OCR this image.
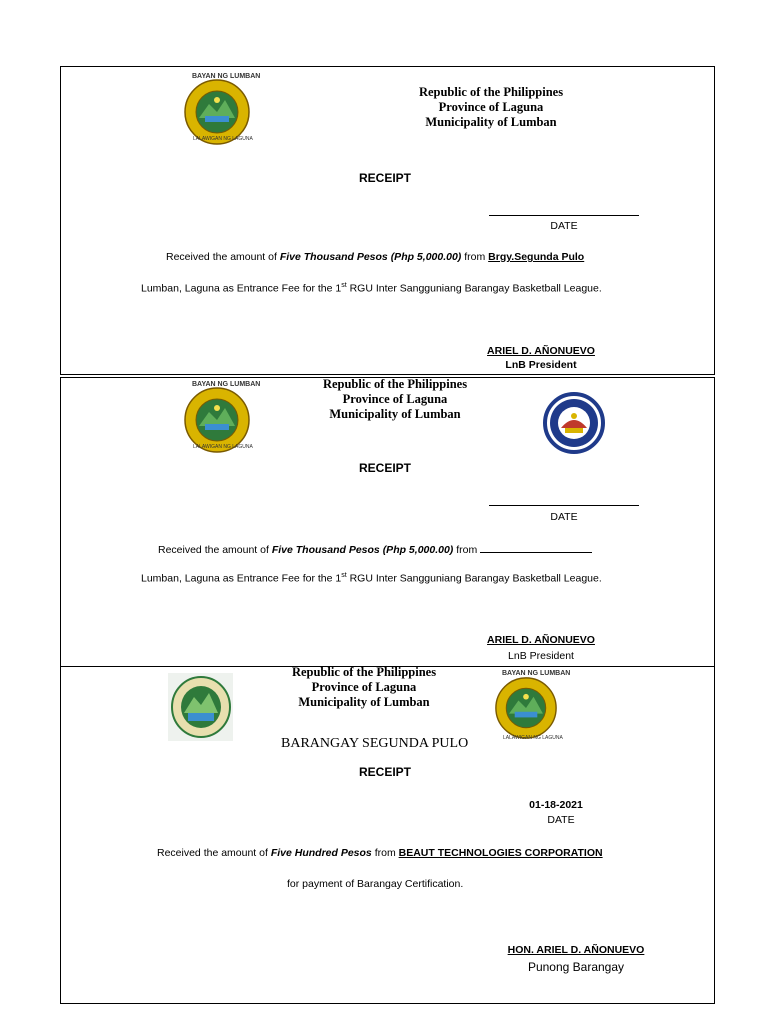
BAYAN NG LUMBAN
LALAWIGAN NG LAGUNA
Republic of the Philippines
Province of Laguna
Municipality of Lumban
RECEIPT
DATE
Received the amount of Five Thousand Pesos (Php 5,000.00) from Brgy.Segunda Pulo
Lumban, Laguna as Entrance Fee for the 1st RGU Inter Sangguniang Barangay Basketball League.
ARIEL D. AÑONUEVO
LnB President
BAYAN NG LUMBAN
LALAWIGAN NG LAGUNA
Republic of the Philippines
Province of Laguna
Municipality of Lumban
RECEIPT
DATE
Received the amount of Five Thousand Pesos (Php 5,000.00) from
Lumban, Laguna as Entrance Fee for the 1st RGU Inter Sangguniang Barangay Basketball League.
ARIEL D. AÑONUEVO
LnB President
BAYAN NG LUMBAN
LALAWIGAN NG LAGUNA
Republic of the Philippines
Province of Laguna
Municipality of Lumban
BARANGAY SEGUNDA PULO
RECEIPT
01-18-2021
DATE
Received the amount of Five Hundred Pesos from BEAUT TECHNOLOGIES CORPORATION
for payment of Barangay Certification.
HON. ARIEL D. AÑONUEVO
Punong Barangay
